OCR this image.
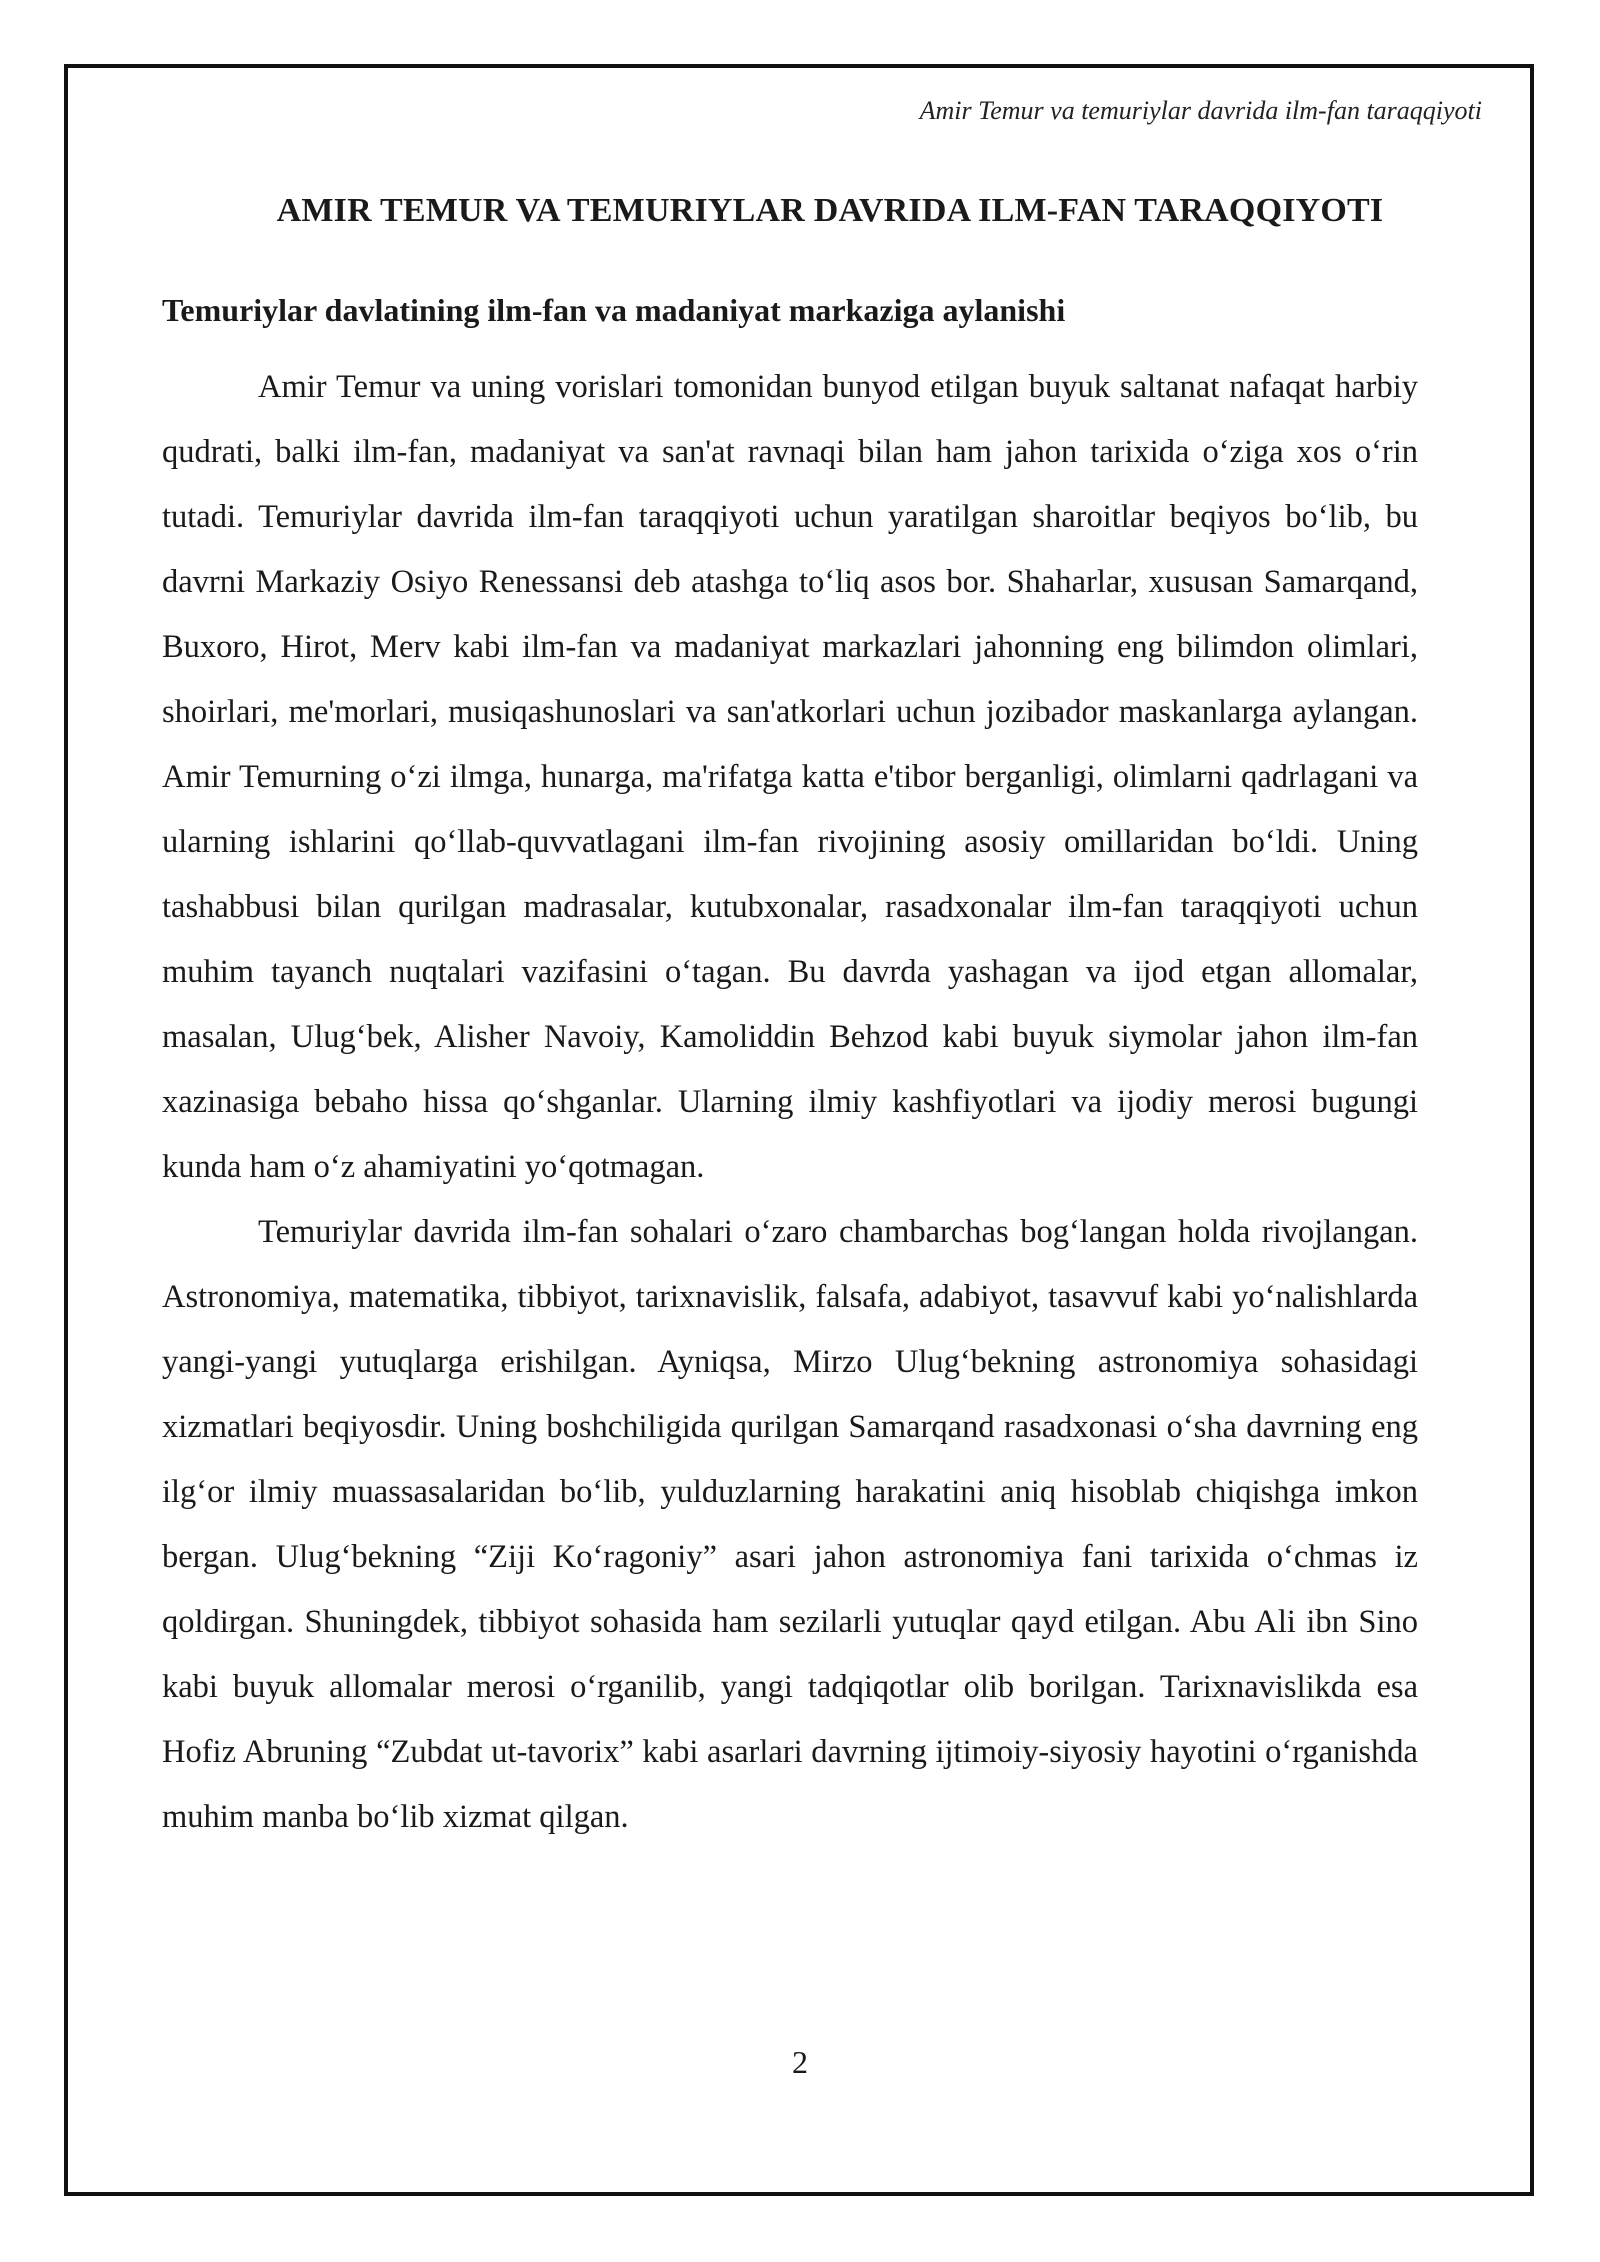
Amir Temur va temuriylar davrida ilm-fan taraqqiyoti
AMIR TEMUR VA TEMURIYLAR DAVRIDA ILM-FAN TARAQQIYOTI
Temuriylar davlatining ilm-fan va madaniyat markaziga aylanishi

Amir Temur va uning vorislari tomonidan bunyod etilgan buyuk saltanat nafaqat harbiy qudrati, balki ilm-fan, madaniyat va san'at ravnaqi bilan ham jahon tarixida oʻziga xos oʻrin tutadi. Temuriylar davrida ilm-fan taraqqiyoti uchun yaratilgan sharoitlar beqiyos boʻlib, bu davrni Markaziy Osiyo Renessansi deb atashga toʻliq asos bor. Shaharlar, xususan Samarqand, Buxoro, Hirot, Merv kabi ilm-fan va madaniyat markazlari jahonning eng bilimdon olimlari, shoirlari, me'morlari, musiqashunoslari va san'atkorlari uchun jozibador maskanlarga aylangan. Amir Temurning oʻzi ilmga, hunarga, ma'rifatga katta e'tibor berganligi, olimlarni qadrlagani va ularning ishlarini qoʻllab-quvvatlagani ilm-fan rivojining asosiy omillaridan boʻldi. Uning tashabbusi bilan qurilgan madrasalar, kutubxonalar, rasadxonalar ilm-fan taraqqiyoti uchun muhim tayanch nuqtalari vazifasini oʻtagan. Bu davrda yashagan va ijod etgan allomalar, masalan, Ulugʻbek, Alisher Navoiy, Kamoliddin Behzod kabi buyuk siymolar jahon ilm-fan xazinasiga bebaho hissa qoʻshganlar. Ularning ilmiy kashfiyotlari va ijodiy merosi bugungi kunda ham oʻz ahamiyatini yoʻqotmagan.

Temuriylar davrida ilm-fan sohalari oʻzaro chambarchas bogʻlangan holda rivojlangan. Astronomiya, matematika, tibbiyot, tarixnavislik, falsafa, adabiyot, tasavvuf kabi yoʻnalishlarda yangi-yangi yutuqlarga erishilgan. Ayniqsa, Mirzo Ulugʻbekning astronomiya sohasidagi xizmatlari beqiyosdir. Uning boshchiligida qurilgan Samarqand rasadxonasi oʻsha davrning eng ilgʻor ilmiy muassasalaridan boʻlib, yulduzlarning harakatini aniq hisoblab chiqishga imkon bergan. Ulugʻbekning “Ziji Koʻragoniy” asari jahon astronomiya fani tarixida oʻchmas iz qoldirgan. Shuningdek, tibbiyot sohasida ham sezilarli yutuqlar qayd etilgan. Abu Ali ibn Sino kabi buyuk allomalar merosi oʻrganilib, yangi tadqiqotlar olib borilgan. Tarixnavislikda esa Hofiz Abruning “Zubdat ut-tavorix” kabi asarlari davrning ijtimoiy-siyosiy hayotini oʻrganishda muhim manba boʻlib xizmat qilgan.

2
